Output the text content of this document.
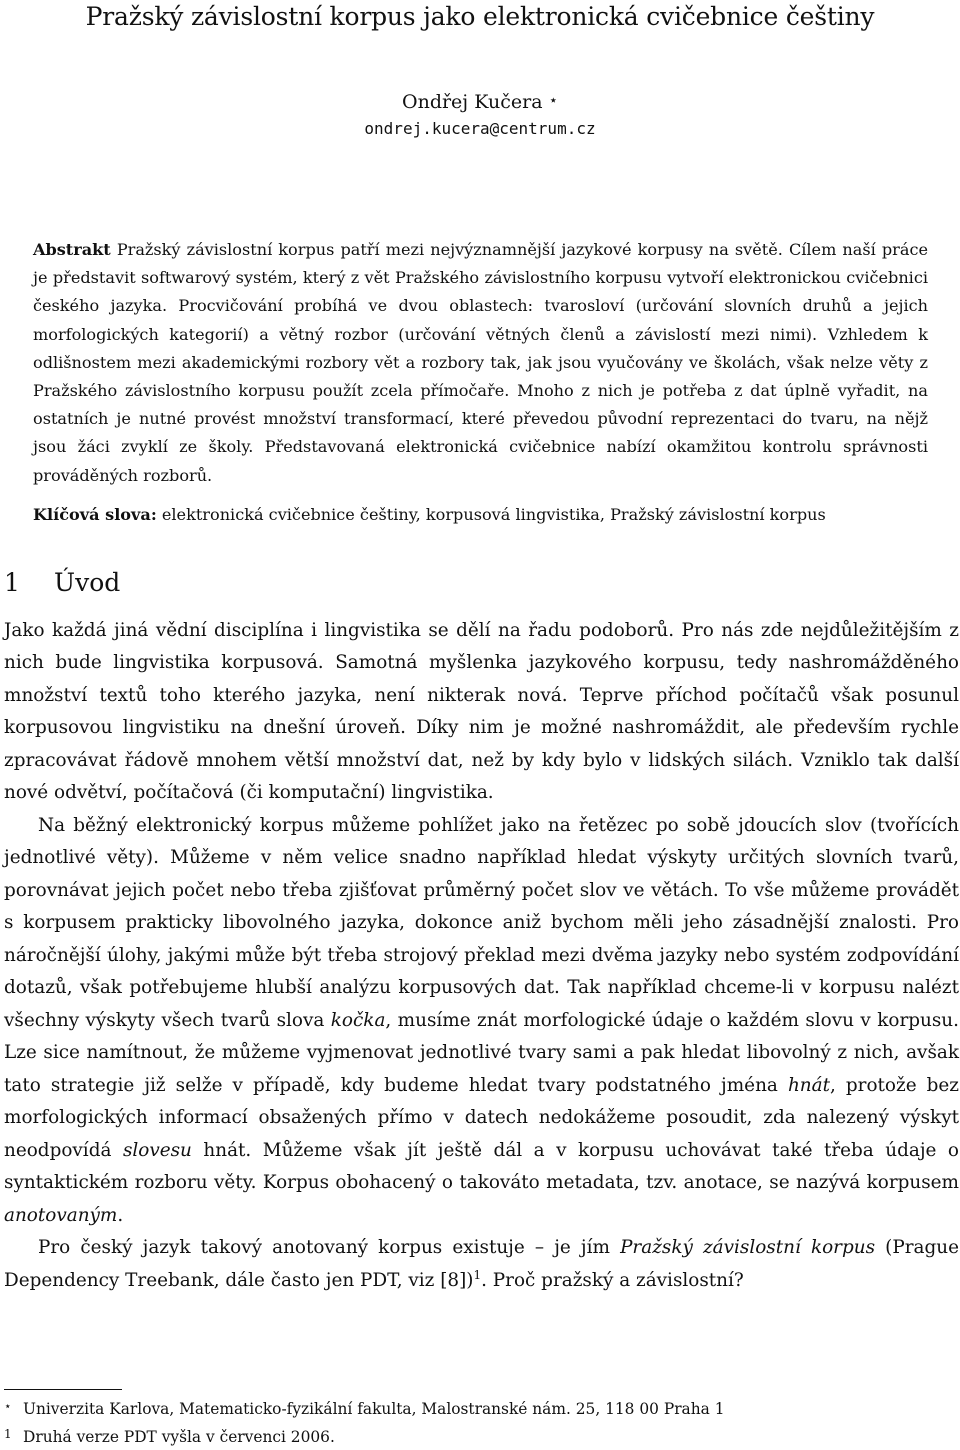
Pražský závislostní korpus jako elektronická cvičebnice češtiny
Ondřej Kučera ⋆
ondrej.kucera@centrum.cz
Abstrakt Pražský závislostní korpus patří mezi nejvýznamnější jazykové korpusy na světě. Cílem naší práce je představit softwarový systém, který z vět Pražského závislostního korpusu vytvoří elektronickou cvičebnici českého jazyka. Procvičování probíhá ve dvou oblastech: tvarosloví (určování slovních druhů a jejich morfologických kategorií) a větný rozbor (určování větných členů a závislostí mezi nimi). Vzhledem k odlišnostem mezi akademickými rozbory vět a rozbory tak, jak jsou vyučovány ve školách, však nelze věty z Pražského závislostního korpusu použít zcela přímočaře. Mnoho z nich je potřeba z dat úplně vyřadit, na ostatních je nutné provést množství transformací, které převedou původní reprezentaci do tvaru, na nějž jsou žáci zvyklí ze školy. Představovaná elektronická cvičebnice nabízí okamžitou kontrolu správnosti prováděných rozborů.
Klíčová slova: elektronická cvičebnice češtiny, korpusová lingvistika, Pražský závislostní korpus
1 Úvod

Jako každá jiná vědní disciplína i lingvistika se dělí na řadu podoborů. Pro nás zde nejdůležitějším z nich bude lingvistika korpusová. Samotná myšlenka jazykového korpusu, tedy nashromážděného množství textů toho kterého jazyka, není nikterak nová. Teprve příchod počítačů však posunul korpusovou lingvistiku na dnešní úroveň. Díky nim je možné nashromáždit, ale především rychle zpracovávat řádově mnohem větší množství dat, než by kdy bylo v lidských silách. Vzniklo tak další nové odvětví, počítačová (či komputační) lingvistika.

Na běžný elektronický korpus můžeme pohlížet jako na řetězec po sobě jdoucích slov (tvořících jednotlivé věty). Můžeme v něm velice snadno například hledat výskyty určitých slovních tvarů, porovnávat jejich počet nebo třeba zjišťovat průměrný počet slov ve větách. To vše můžeme provádět s korpusem prakticky libovolného jazyka, dokonce aniž bychom měli jeho zásadnější znalosti. Pro náročnější úlohy, jakými může být třeba strojový překlad mezi dvěma jazyky nebo systém zodpovídání dotazů, však potřebujeme hlubší analýzu korpusových dat. Tak například chceme-li v korpusu nalézt všechny výskyty všech tvarů slova kočka, musíme znát morfologické údaje o každém slovu v korpusu. Lze sice namítnout, že můžeme vyjmenovat jednotlivé tvary sami a pak hledat libovolný z nich, avšak tato strategie již selže v případě, kdy budeme hledat tvary podstatného jména hnát, protože bez morfologických informací obsažených přímo v datech nedokážeme posoudit, zda nalezený výskyt neodpovídá slovesu hnát. Můžeme však jít ještě dál a v korpusu uchovávat také třeba údaje o syntaktickém rozboru věty. Korpus obohacený o takováto metadata, tzv. anotace, se nazývá korpusem anotovaným.

Pro český jazyk takový anotovaný korpus existuje – je jím Pražský závislostní korpus (Prague Dependency Treebank, dále často jen PDT, viz [8])$^1$. Proč pražský a závislostní?

⋆ Univerzita Karlova, Matematicko-fyzikální fakulta, Malostranské nám. 25, 118 00 Praha 1
1 Druhá verze PDT vyšla v červenci 2006.
